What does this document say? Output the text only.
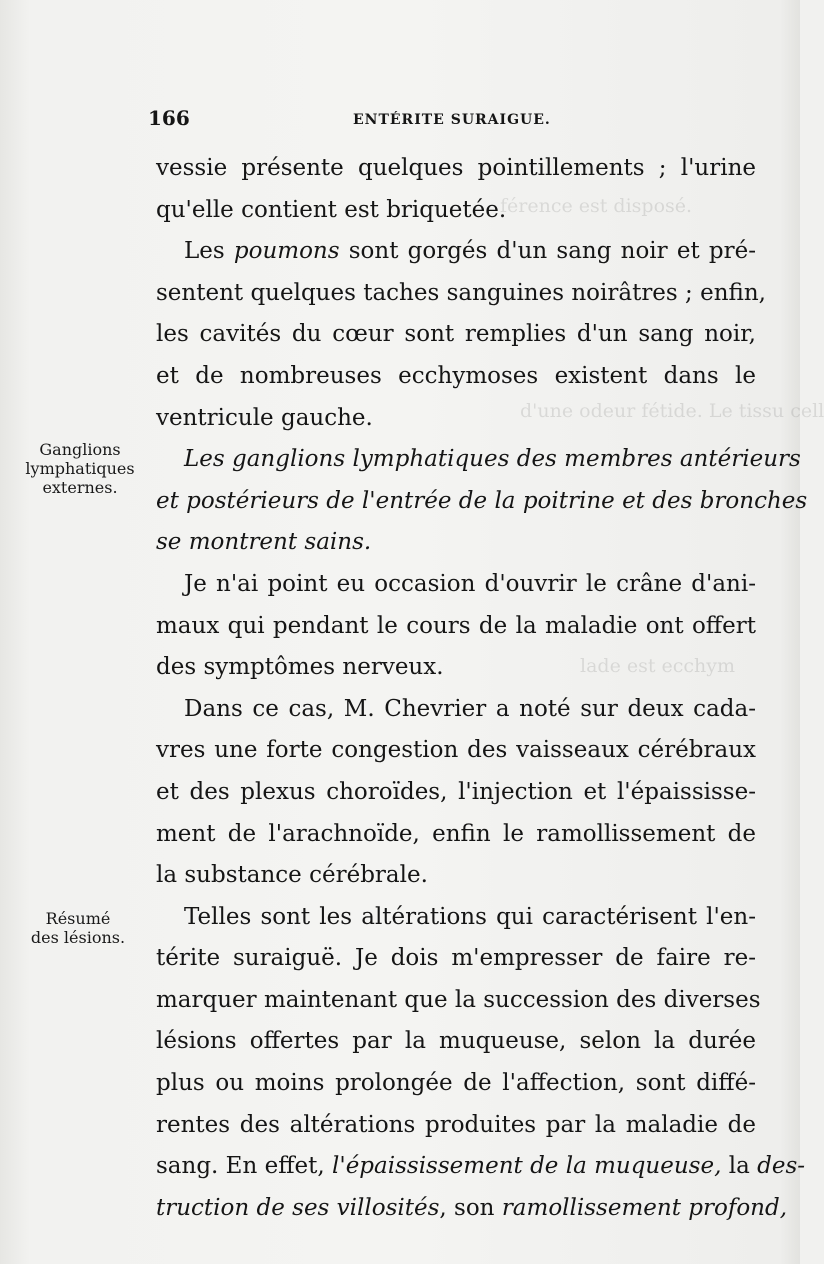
férence est disposé.
d'une odeur fétide. Le tissu cell
lade est ecchym
166	ENTÉRITE SURAIGUE.
Ganglions
lymphatiques
externes.
Résumé
des lésions.
vessie présente quelques pointillements ; l'urine
qu'elle contient est briquetée.
Les poumons sont gorgés d'un sang noir et pré-
sentent quelques taches sanguines noirâtres ; enfin,
les cavités du cœur sont remplies d'un sang noir,
et de nombreuses ecchymoses existent dans le
ventricule gauche.
Les ganglions lymphatiques des membres antérieurs
et postérieurs de l'entrée de la poitrine et des bronches
se montrent sains.
Je n'ai point eu occasion d'ouvrir le crâne d'ani-
maux qui pendant le cours de la maladie ont offert
des symptômes nerveux.
Dans ce cas, M. Chevrier a noté sur deux cada-
vres une forte congestion des vaisseaux cérébraux
et des plexus choroïdes, l'injection et l'épaississe-
ment de l'arachnoïde, enfin le ramollissement de
la substance cérébrale.
Telles sont les altérations qui caractérisent l'en-
térite suraiguë. Je dois m'empresser de faire re-
marquer maintenant que la succession des diverses
lésions offertes par la muqueuse, selon la durée
plus ou moins prolongée de l'affection, sont diffé-
rentes des altérations produites par la maladie de
sang. En effet, l'épaississement de la muqueuse, la des-
truction de ses villosités, son ramollissement profond,
